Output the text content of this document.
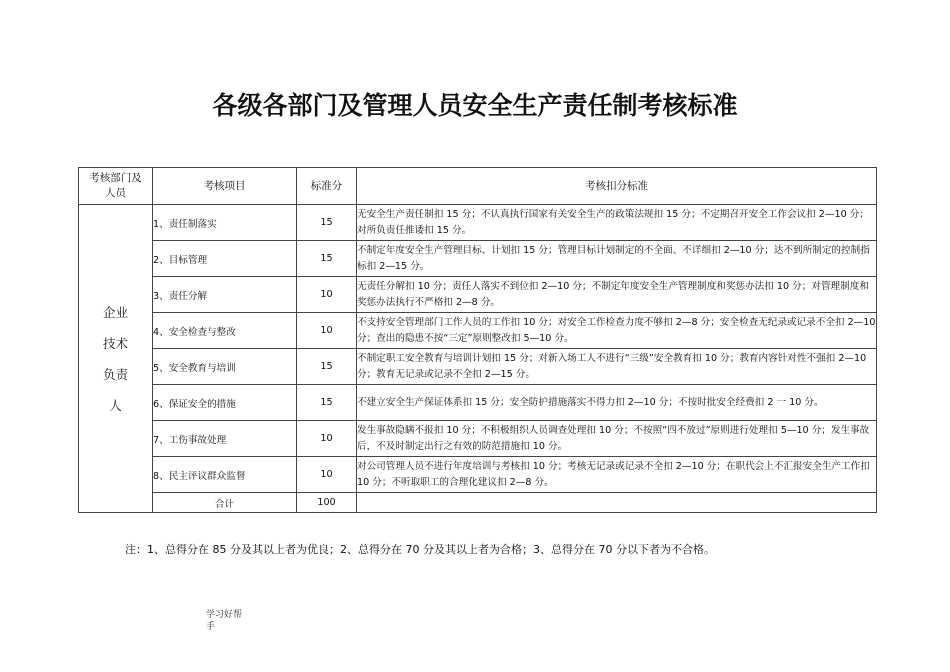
各级各部门及管理人员安全生产责任制考核标准
考核部门及人员	考核项目	标准分	考核扣分标准

企业
技术
负责
人	1、责任制落实	15	无安全生产责任制扣 15 分；不认真执行国家有关安全生产的政策法规扣 15 分；不定期召开安全工作会议扣 2—10 分；对所负责任推诿扣 15 分。
	2、目标管理	15	不制定年度安全生产管理目标、计划扣 15 分；管理目标计划制定的不全面、不详细扣 2—10 分；达不到所制定的控制指标扣 2—15 分。
	3、责任分解	10	无责任分解扣 10 分；责任人落实不到位扣 2—10 分；不制定年度安全生产管理制度和奖惩办法扣 10 分；对管理制度和奖惩办法执行不严格扣 2—8 分。
	4、安全检查与整改	10	不支持安全管理部门工作人员的工作扣 10 分；对安全工作检查力度不够扣 2—8 分；安全检查无纪录或记录不全扣 2—10 分；查出的隐患不按“三定”原则整改扣 5—10 分。
	5、安全教育与培训	15	不制定职工安全教育与培训计划扣 15 分；对新入场工人不进行“三级”安全教育扣 10 分；教育内容针对性不强扣 2—10 分；教育无记录或记录不全扣 2—15 分。
	6、保证安全的措施	15	不建立安全生产保证体系扣 15 分；安全防护措施落实不得力扣 2—10 分；不按时批安全经费扣 2 一 10 分。
	7、工伤事故处理	10	发生事故隐瞒不报扣 10 分；不积极组织人员调查处理扣 10 分；不按照“四不放过”原则进行处理扣 5—10 分；发生事故后，不及时制定出行之有效的防范措施扣 10 分。
	8、民主评议群众监督	10	对公司管理人员不进行年度培训与考核扣 10 分；考核无记录或记录不全扣 2—10 分；在职代会上不汇报安全生产工作扣 10 分；不听取职工的合理化建议扣 2—8 分。
	合计	100	
注：1、总得分在 85 分及其以上者为优良；2、总得分在 70 分及其以上者为合格；3、总得分在 70 分以下者为不合格。
学习好帮手
